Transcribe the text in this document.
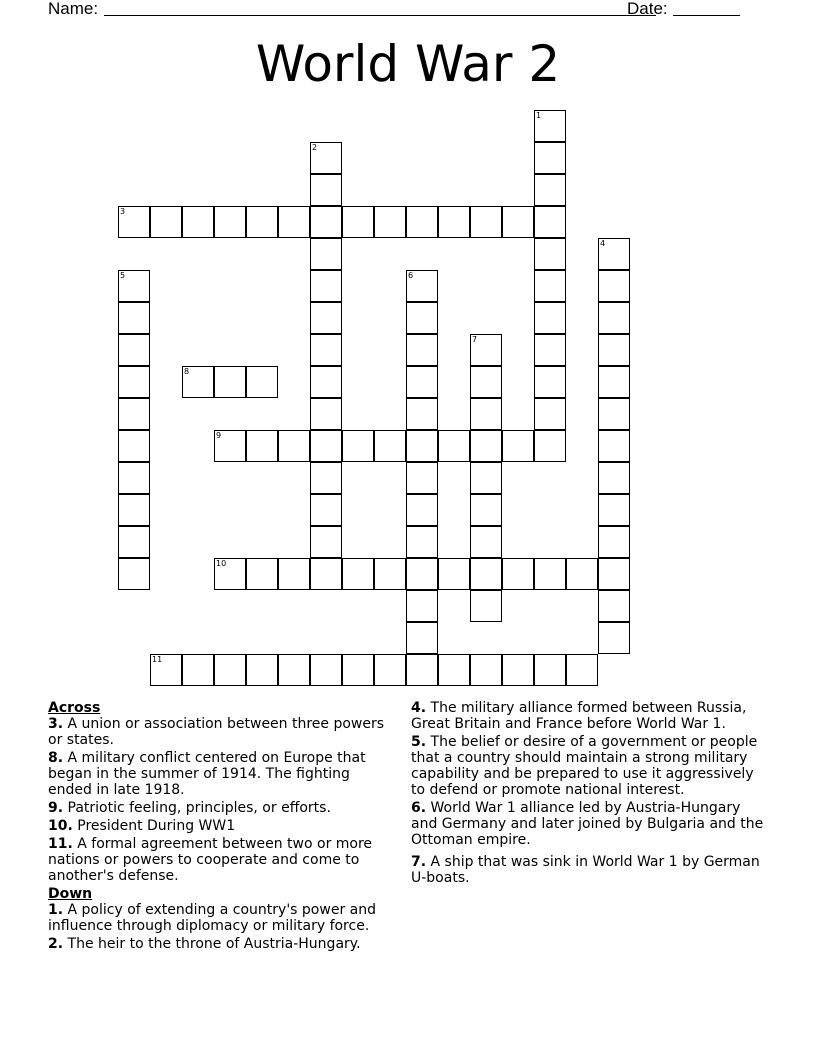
Name:	Date:
World War 2
1
2
3
4
5	6
7
8
9
10
11
Across
3. A union or association between three powers or states.
8. A military conflict centered on Europe that began in the summer of 1914. The fighting ended in late 1918.
9. Patriotic feeling, principles, or efforts.
10. President During WW1
11. A formal agreement between two or more nations or powers to cooperate and come to another's defense.
Down
1. A policy of extending a country's power and influence through diplomacy or military force.
2. The heir to the throne of Austria-Hungary.
4. The military alliance formed between Russia, Great Britain and France before World War 1.
5. The belief or desire of a government or people that a country should maintain a strong military capability and be prepared to use it aggressively to defend or promote national interest.
6. World War 1 alliance led by Austria-Hungary and Germany and later joined by Bulgaria and the Ottoman empire.
7. A ship that was sink in World War 1 by German U-boats.
